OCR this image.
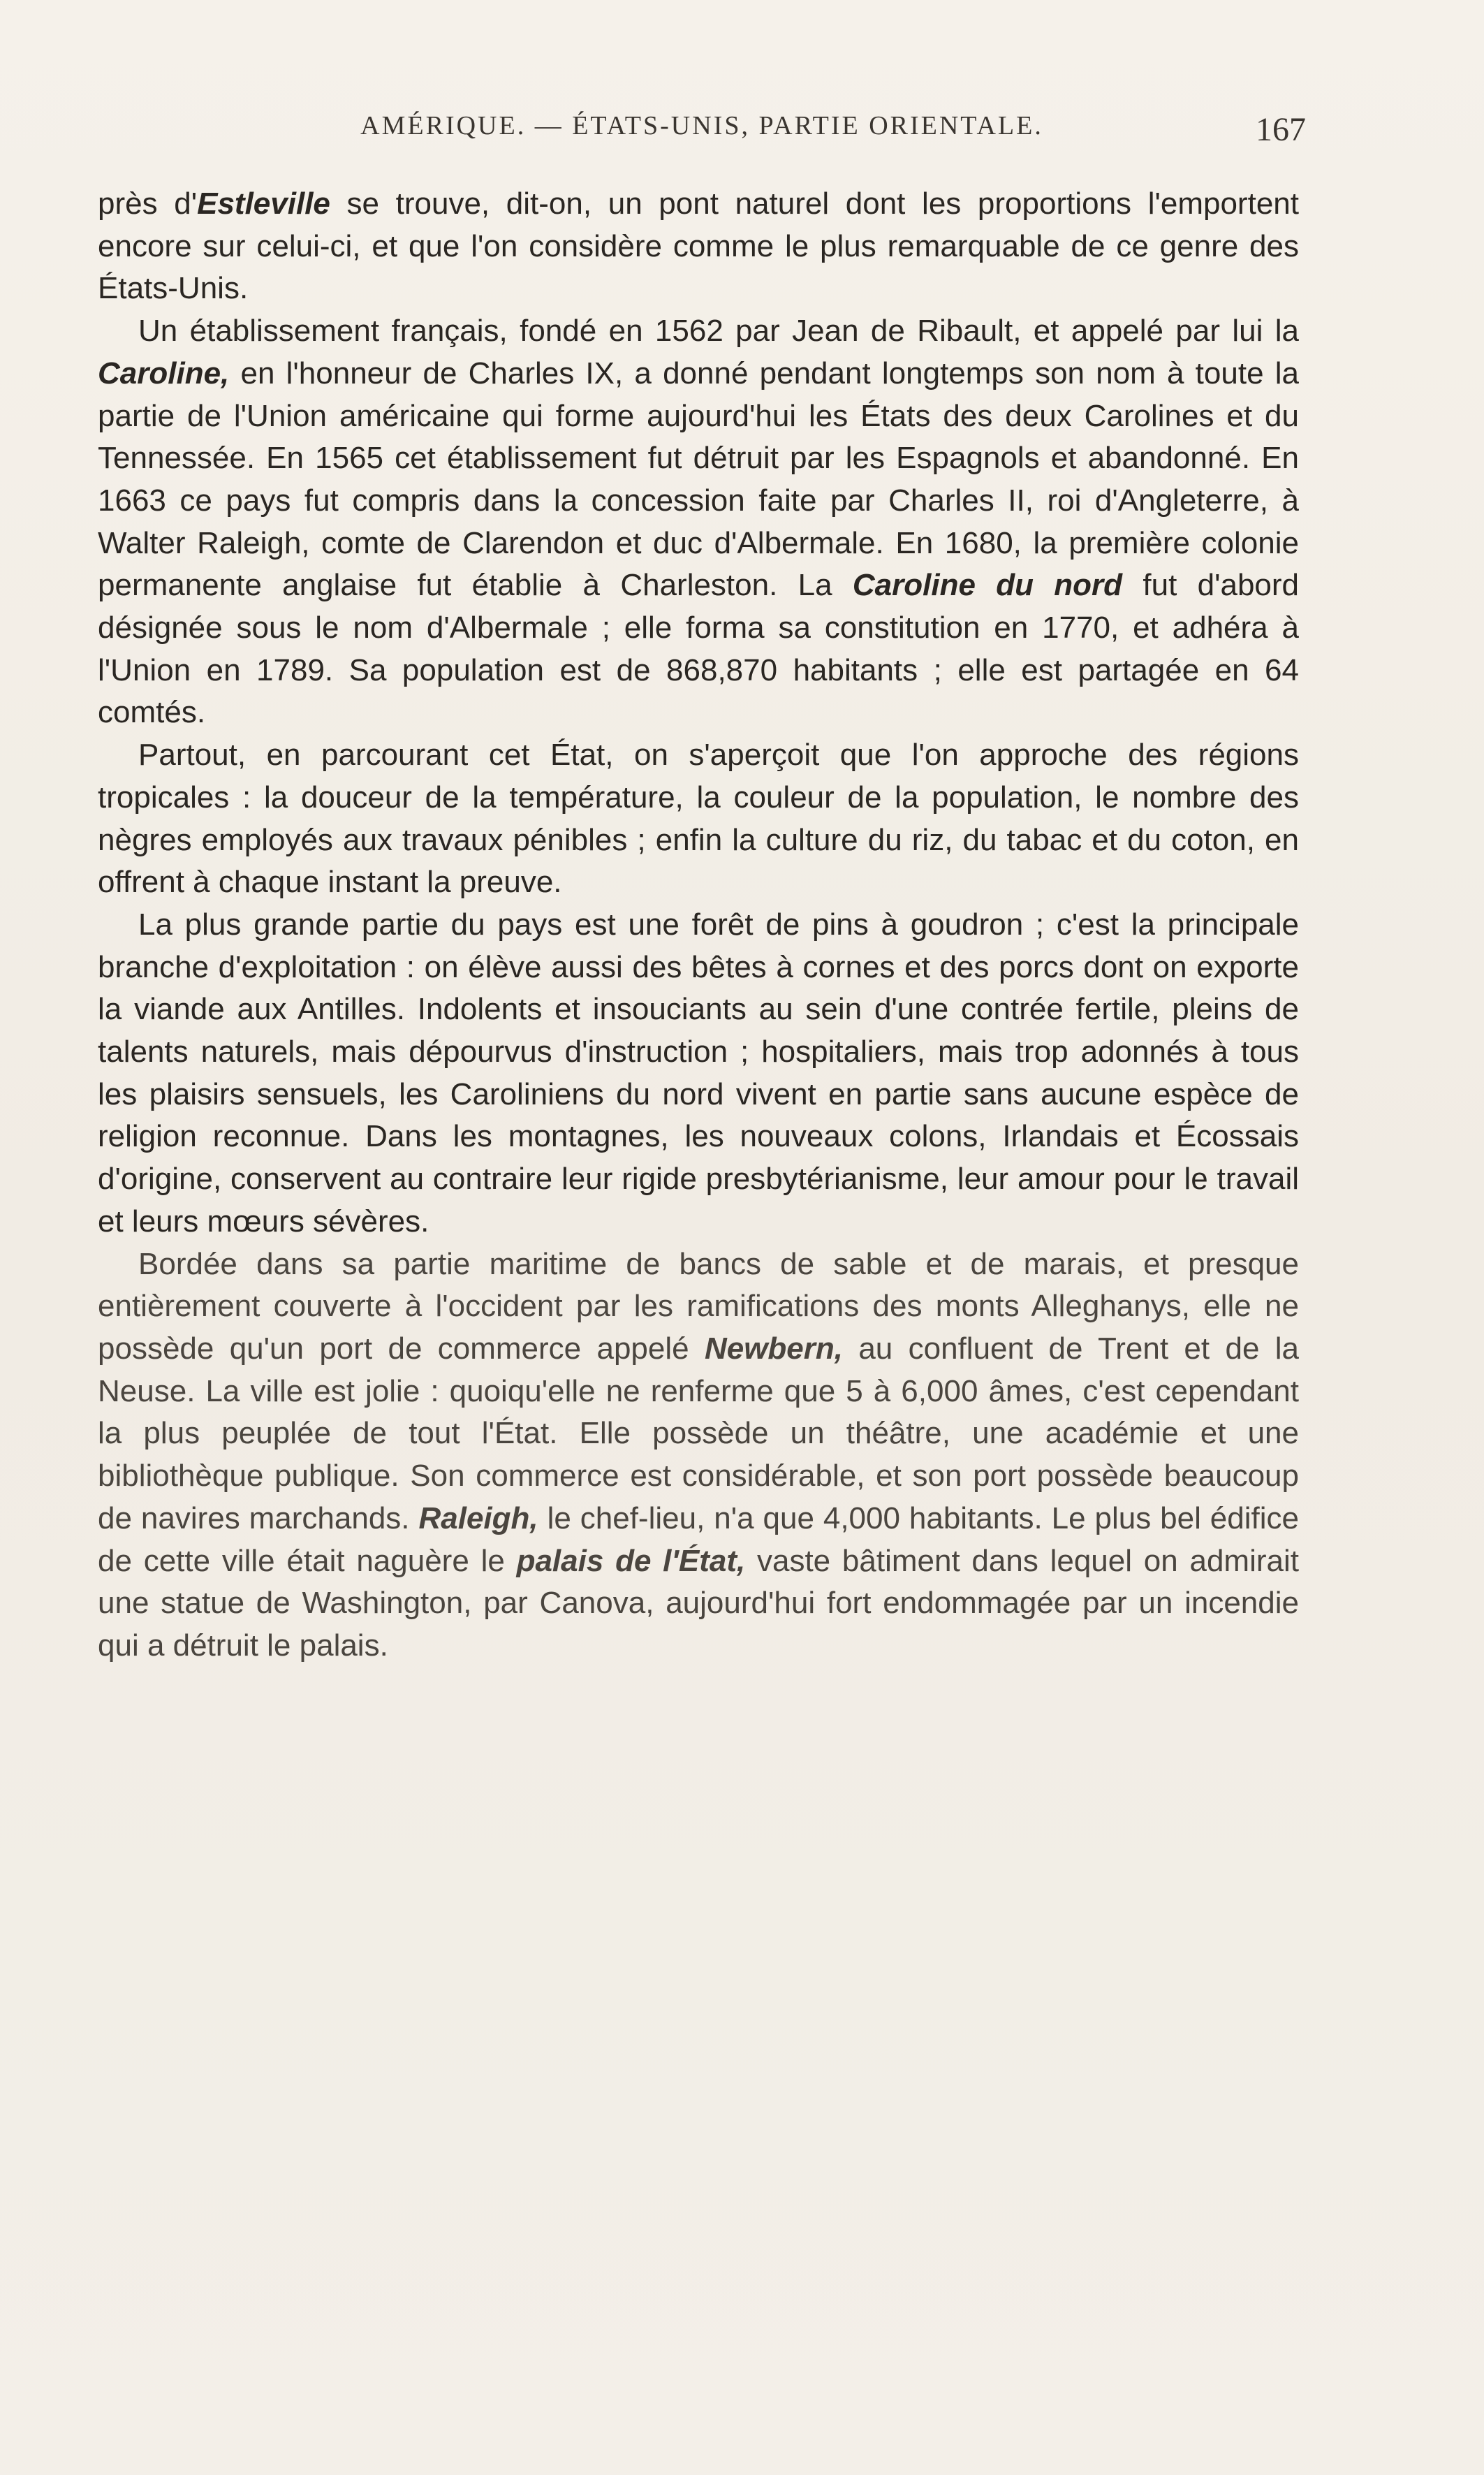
AMÉRIQUE. — ÉTATS-UNIS, PARTIE ORIENTALE.	167

près d'Estleville se trouve, dit-on, un pont naturel dont les proportions l'emportent encore sur celui-ci, et que l'on considère comme le plus remarquable de ce genre des États-Unis.

Un établissement français, fondé en 1562 par Jean de Ribault, et appelé par lui la Caroline, en l'honneur de Charles IX, a donné pendant longtemps son nom à toute la partie de l'Union américaine qui forme aujourd'hui les États des deux Carolines et du Tennessée. En 1565 cet établissement fut détruit par les Espagnols et abandonné. En 1663 ce pays fut compris dans la concession faite par Charles II, roi d'Angleterre, à Walter Raleigh, comte de Clarendon et duc d'Albermale. En 1680, la première colonie permanente anglaise fut établie à Charleston. La Caroline du nord fut d'abord désignée sous le nom d'Albermale ; elle forma sa constitution en 1770, et adhéra à l'Union en 1789. Sa population est de 868,870 habitants ; elle est partagée en 64 comtés.

Partout, en parcourant cet État, on s'aperçoit que l'on approche des régions tropicales : la douceur de la température, la couleur de la population, le nombre des nègres employés aux travaux pénibles ; enfin la culture du riz, du tabac et du coton, en offrent à chaque instant la preuve.

La plus grande partie du pays est une forêt de pins à goudron ; c'est la principale branche d'exploitation : on élève aussi des bêtes à cornes et des porcs dont on exporte la viande aux Antilles. Indolents et insouciants au sein d'une contrée fertile, pleins de talents naturels, mais dépourvus d'instruction ; hospitaliers, mais trop adonnés à tous les plaisirs sensuels, les Caroliniens du nord vivent en partie sans aucune espèce de religion reconnue. Dans les montagnes, les nouveaux colons, Irlandais et Écossais d'origine, conservent au contraire leur rigide presbytérianisme, leur amour pour le travail et leurs mœurs sévères.

Bordée dans sa partie maritime de bancs de sable et de marais, et presque entièrement couverte à l'occident par les ramifications des monts Alleghanys, elle ne possède qu'un port de commerce appelé Newbern, au confluent de Trent et de la Neuse. La ville est jolie : quoiqu'elle ne renferme que 5 à 6,000 âmes, c'est cependant la plus peuplée de tout l'État. Elle possède un théâtre, une académie et une bibliothèque publique. Son commerce est considérable, et son port possède beaucoup de navires marchands. Raleigh, le chef-lieu, n'a que 4,000 habitants. Le plus bel édifice de cette ville était naguère le palais de l'État, vaste bâtiment dans lequel on admirait une statue de Washington, par Canova, aujourd'hui fort endommagée par un incendie qui a détruit le palais.
